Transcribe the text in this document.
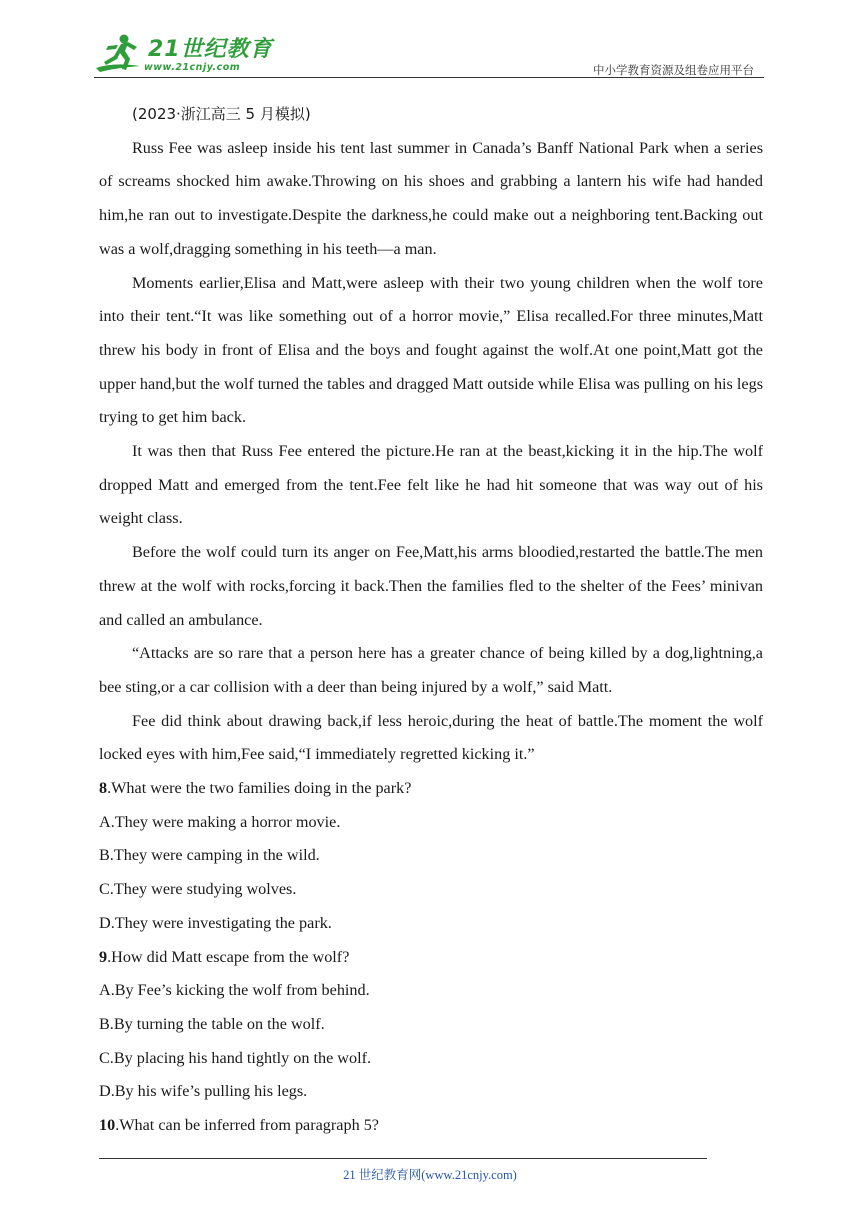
21世纪教育
www.21cnjy.com	中小学教育资源及组卷应用平台

(2023·浙江高三 5 月模拟)

Russ Fee was asleep inside his tent last summer in Canada’s Banff National Park when a series of screams shocked him awake.Throwing on his shoes and grabbing a lantern his wife had handed him,he ran out to investigate.Despite the darkness,he could make out a neighboring tent.Backing out was a wolf,dragging something in his teeth—a man.

Moments earlier,Elisa and Matt,were asleep with their two young children when the wolf tore into their tent.“It was like something out of a horror movie,” Elisa recalled.For three minutes,Matt threw his body in front of Elisa and the boys and fought against the wolf.At one point,Matt got the upper hand,but the wolf turned the tables and dragged Matt outside while Elisa was pulling on his legs trying to get him back.

It was then that Russ Fee entered the picture.He ran at the beast,kicking it in the hip.The wolf dropped Matt and emerged from the tent.Fee felt like he had hit someone that was way out of his weight class.

Before the wolf could turn its anger on Fee,Matt,his arms bloodied,restarted the battle.The men threw at the wolf with rocks,forcing it back.Then the families fled to the shelter of the Fees’ minivan and called an ambulance.

“Attacks are so rare that a person here has a greater chance of being killed by a dog,lightning,a bee sting,or a car collision with a deer than being injured by a wolf,” said Matt.

Fee did think about drawing back,if less heroic,during the heat of battle.The moment the wolf locked eyes with him,Fee said,“I immediately regretted kicking it.”

8.What were the two families doing in the park?

A.They were making a horror movie.

B.They were camping in the wild.

C.They were studying wolves.

D.They were investigating the park.

9.How did Matt escape from the wolf?

A.By Fee’s kicking the wolf from behind.

B.By turning the table on the wolf.

C.By placing his hand tightly on the wolf.

D.By his wife’s pulling his legs.

10.What can be inferred from paragraph 5?

21 世纪教育网(www.21cnjy.com)
